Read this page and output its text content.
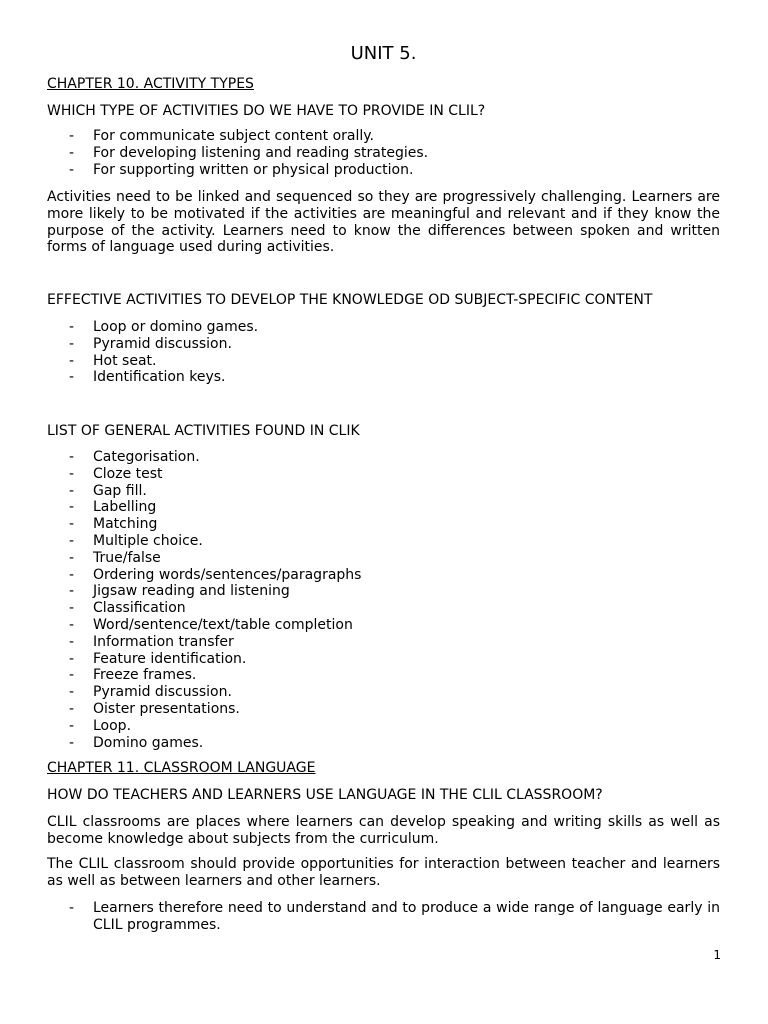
UNIT 5.
CHAPTER 10. ACTIVITY TYPES
WHICH TYPE OF ACTIVITIES DO WE HAVE TO PROVIDE IN CLIL?
- For communicate subject content orally.
- For developing listening and reading strategies.
- For supporting written or physical production.

Activities need to be linked and sequenced so they are progressively challenging. Learners are more likely to be motivated if the activities are meaningful and relevant and if they know the purpose of the activity. Learners need to know the differences between spoken and written forms of language used during activities.

EFFECTIVE ACTIVITIES TO DEVELOP THE KNOWLEDGE OD SUBJECT-SPECIFIC CONTENT
- Loop or domino games.
- Pyramid discussion.
- Hot seat.
- Identification keys.
LIST OF GENERAL ACTIVITIES FOUND IN CLIK
- Categorisation.
- Cloze test
- Gap fill.
- Labelling
- Matching
- Multiple choice.
- True/false
- Ordering words/sentences/paragraphs
- Jigsaw reading and listening
- Classification
- Word/sentence/text/table completion
- Information transfer
- Feature identification.
- Freeze frames.
- Pyramid discussion.
- Oister presentations.
- Loop.
- Domino games.
CHAPTER 11. CLASSROOM LANGUAGE
HOW DO TEACHERS AND LEARNERS USE LANGUAGE IN THE CLIL CLASSROOM?

CLIL classrooms are places where learners can develop speaking and writing skills as well as become knowledge about subjects from the curriculum.

The CLIL classroom should provide opportunities for interaction between teacher and learners as well as between learners and other learners.

- Learners therefore need to understand and to produce a wide range of language early in CLIL programmes.
1
